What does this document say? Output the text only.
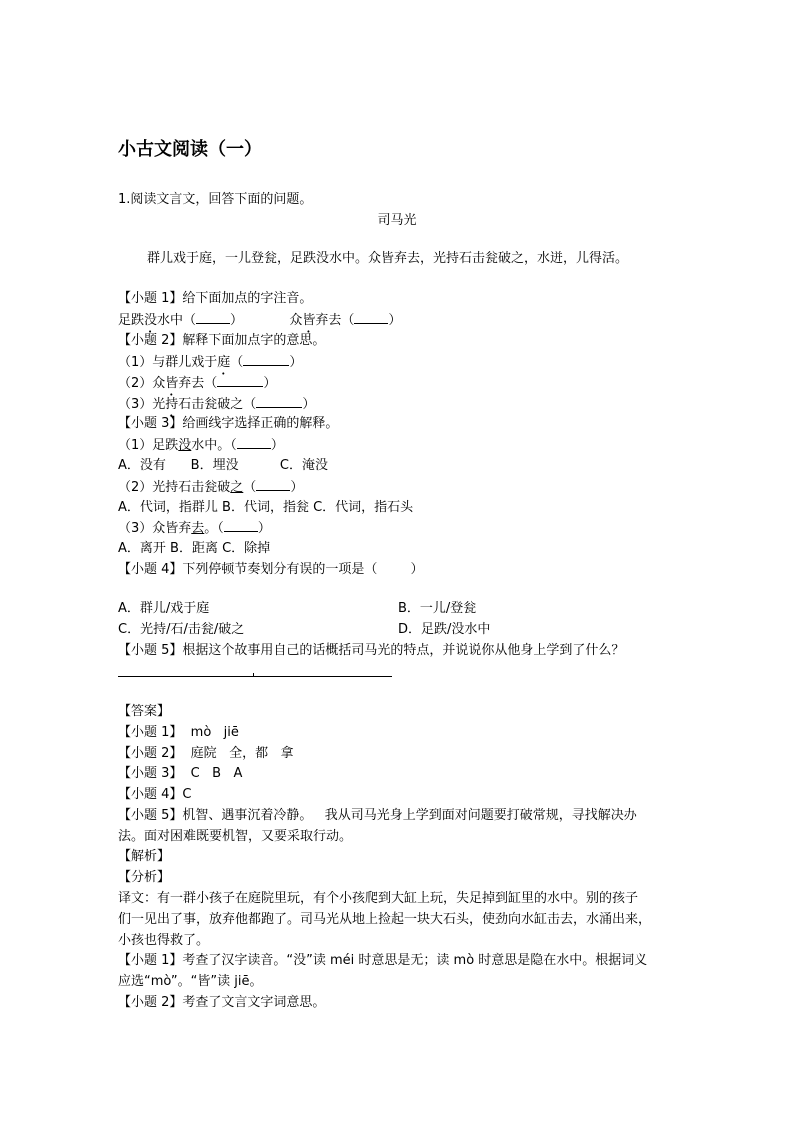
小古文阅读（一）
1.阅读文言文，回答下面的问题。
司马光
群儿戏于庭，一儿登瓮，足跌没水中。众皆弃去，光持石击瓮破之，水迸，儿得活。
【小题 1】给下面加点的字注音。
足跌没水中（	）	众皆弃去（	）
【小题 2】解释下面加点字的意思。
（1）与群儿戏于庭（	）
（2）众皆弃去（	）
（3）光持石击瓮破之（	）
【小题 3】给画线字选择正确的解释。
（1）足跌没水中。（	）
A．没有      B．埋没          C．淹没
（2）光持石击瓮破之（	）
A．代词，指群儿 B．代词，指瓮 C．代词，指石头
（3）众皆弃去。（	）
A．离开 B．距离 C．除掉
【小题 4】下列停顿节奏划分有误的一项是（        ）
A．群儿/戏于庭	B．一儿/登瓮
C．光持/石/击瓮/破之	D．足跌/没水中
【小题 5】根据这个故事用自己的话概括司马光的特点，并说说你从他身上学到了什么？
【答案】
【小题 1】  mò   jiē
【小题 2】  庭院   全，都   拿
【小题 3】  C   B   A
【小题 4】C
【小题 5】机智、遇事沉着冷静。   我从司马光身上学到面对问题要打破常规，寻找解决办
法。面对困难既要机智，又要采取行动。
【解析】
【分析】
译文：有一群小孩子在庭院里玩，有个小孩爬到大缸上玩，失足掉到缸里的水中。别的孩子
们一见出了事，放弃他都跑了。司马光从地上捡起一块大石头，使劲向水缸击去，水涌出来，
小孩也得救了。
【小题 1】考查了汉字读音。“没”读 méi 时意思是无；读 mò 时意思是隐在水中。根据词义
应选“mò”。“皆”读 jiē。
【小题 2】考查了文言文字词意思。
